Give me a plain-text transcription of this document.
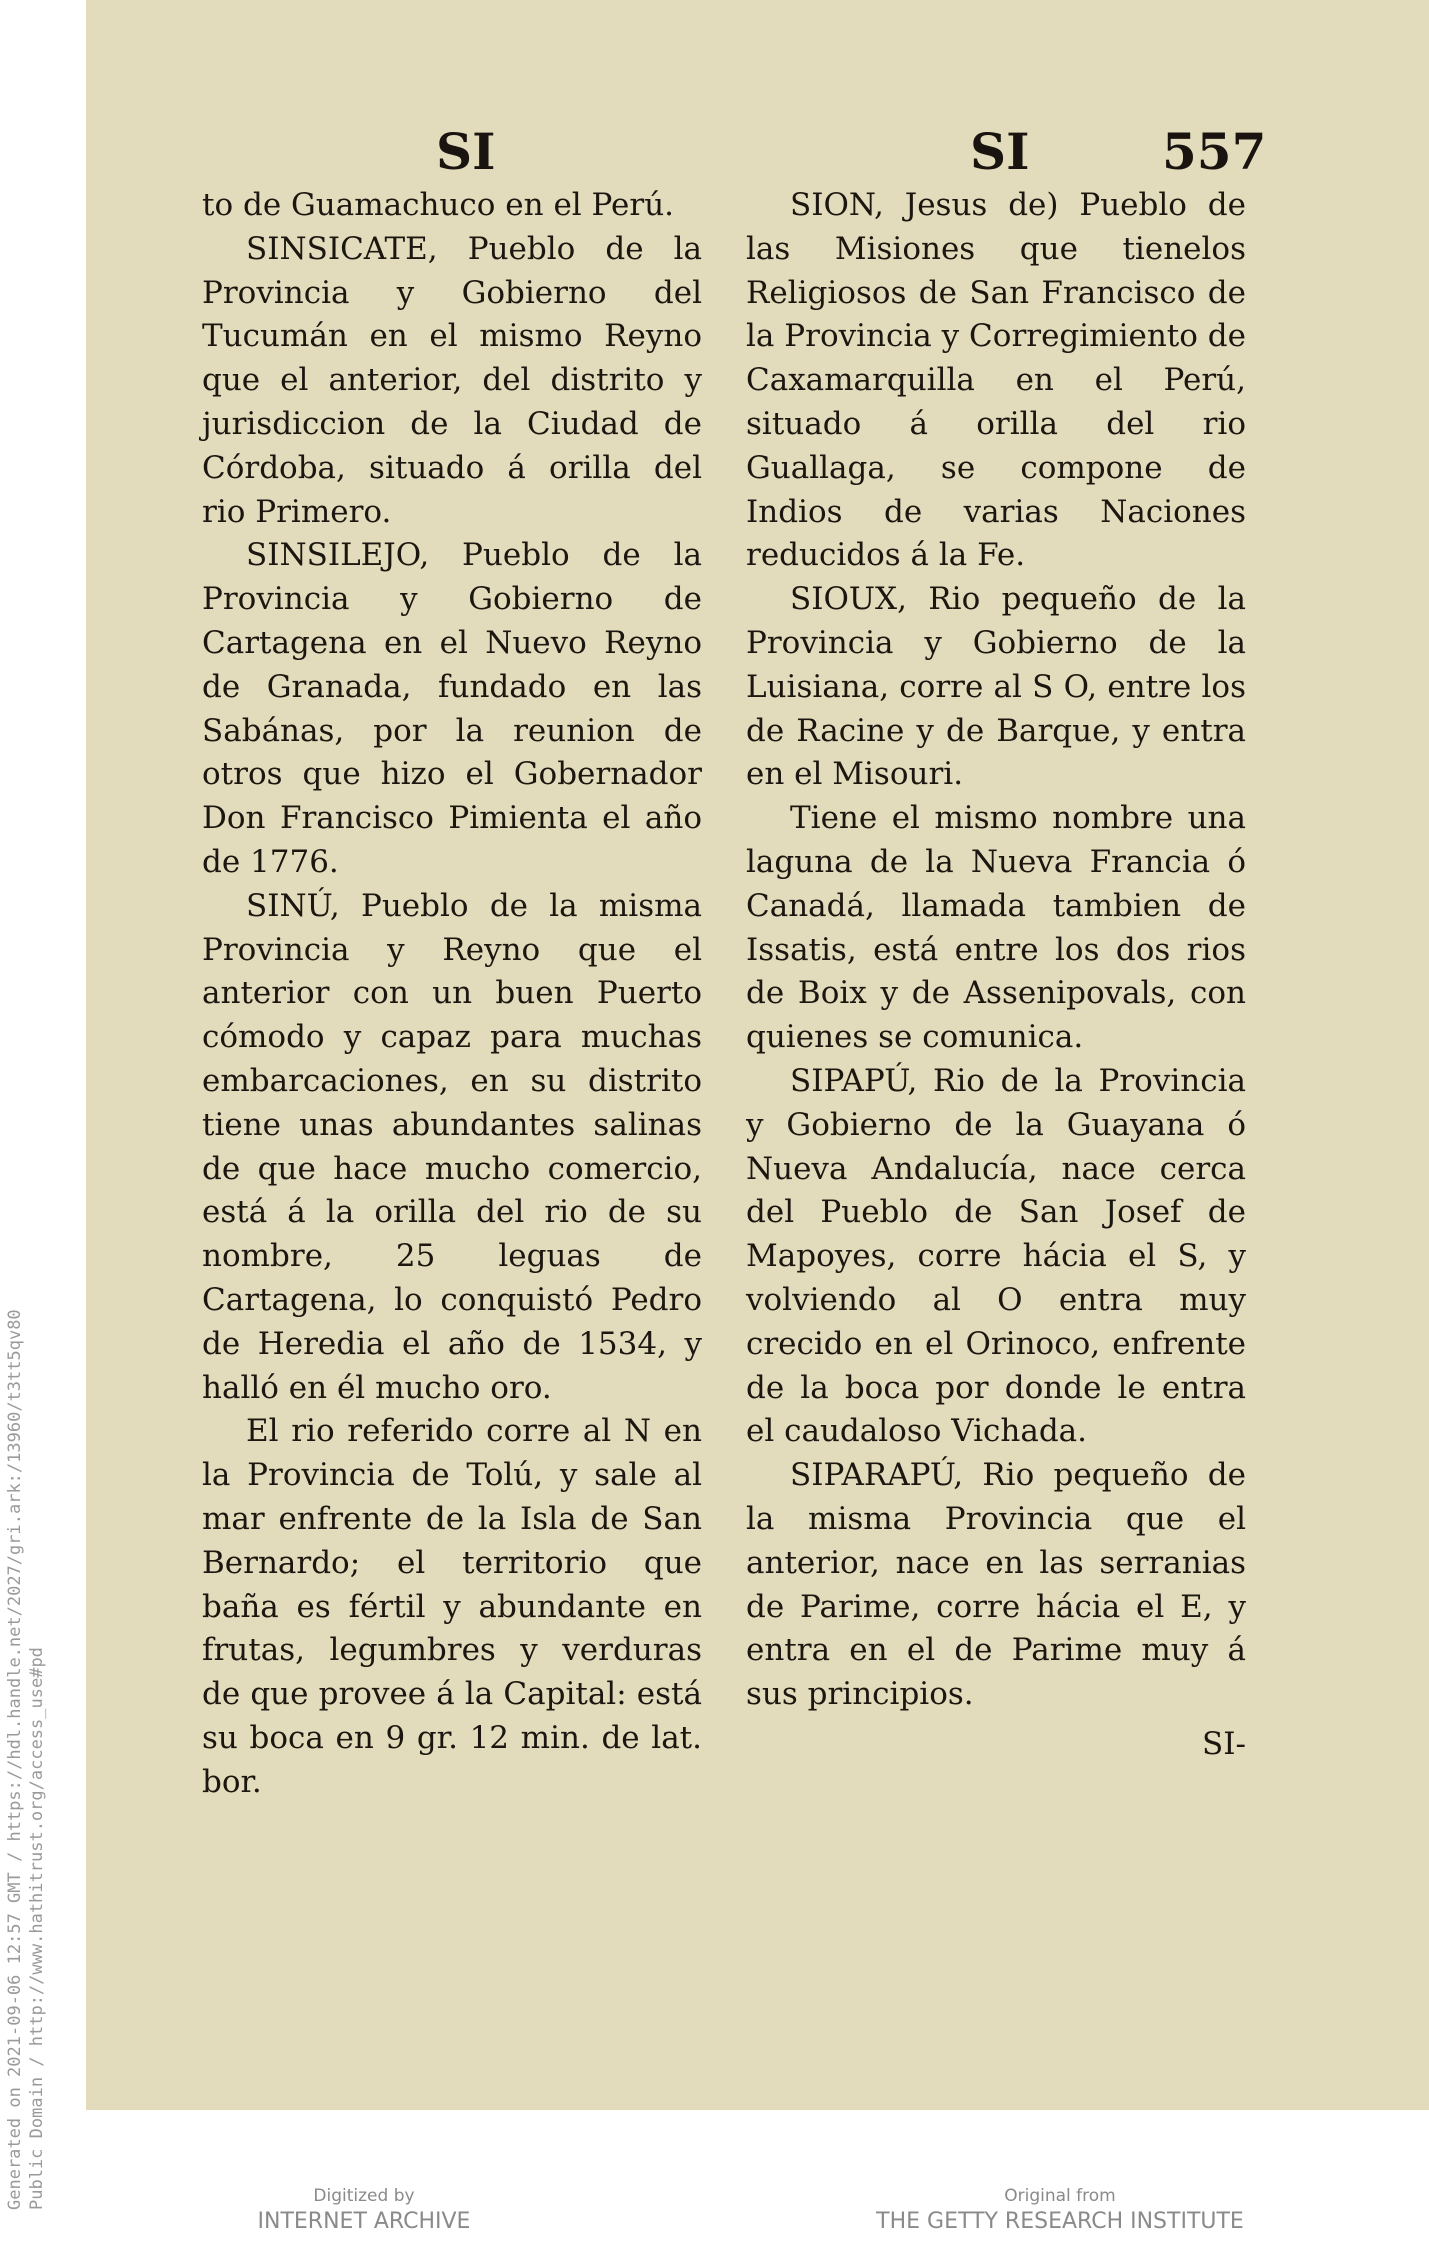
Generated on 2021-09-06 12:57 GMT / https://hdl.handle.net/2027/gri.ark:/13960/t3tt5qv80 Public Domain / http://www.hathitrust.org/access_use#pd
SI	SI	557

to de Guamachuco en el Perú.

SINSICATE, Pueblo de la Provincia y Gobierno del Tucumán en el mismo Reyno que el anterior, del distrito y jurisdiccion de la Ciudad de Córdoba, situado á orilla del rio Primero.

SINSILEJO, Pueblo de la Provincia y Gobierno de Cartagena en el Nuevo Reyno de Granada, fundado en las Sabánas, por la reunion de otros que hizo el Gobernador Don Francisco Pimienta el año de 1776.

SINÚ, Pueblo de la misma Provincia y Reyno que el anterior con un buen Puerto cómodo y capaz para muchas embarcaciones, en su distrito tiene unas abundantes salinas de que hace mucho comercio, está á la orilla del rio de su nombre, 25 leguas de Cartagena, lo conquistó Pedro de Heredia el año de 1534, y halló en él mucho oro.

El rio referido corre al N en la Provincia de Tolú, y sale al mar enfrente de la Isla de San Bernardo; el territorio que baña es fértil y abundante en frutas, legumbres y verduras de que provee á la Capital: está su boca en 9 gr. 12 min. de lat. bor.

SION, Jesus de) Pueblo de las Misiones que tienelos Religiosos de San Francisco de la Provincia y Corregimiento de Caxamarquilla en el Perú, situado á orilla del rio Guallaga, se compone de Indios de varias Naciones reducidos á la Fe.

SIOUX, Rio pequeño de la Provincia y Gobierno de la Luisiana, corre al S O, entre los de Racine y de Barque, y entra en el Misouri.

Tiene el mismo nombre una laguna de la Nueva Francia ó Canadá, llamada tambien de Issatis, está entre los dos rios de Boix y de Assenipovals, con quienes se comunica.

SIPAPÚ, Rio de la Provincia y Gobierno de la Guayana ó Nueva Andalucía, nace cerca del Pueblo de San Josef de Mapoyes, corre hácia el S, y volviendo al O entra muy crecido en el Orinoco, enfrente de la boca por donde le entra el caudaloso Vichada.

SIPARAPÚ, Rio pequeño de la misma Provincia que el anterior, nace en las serranias de Parime, corre hácia el E, y entra en el de Parime muy á sus principios.

SI-
Digitized by
INTERNET ARCHIVE
Original from
THE GETTY RESEARCH INSTITUTE
